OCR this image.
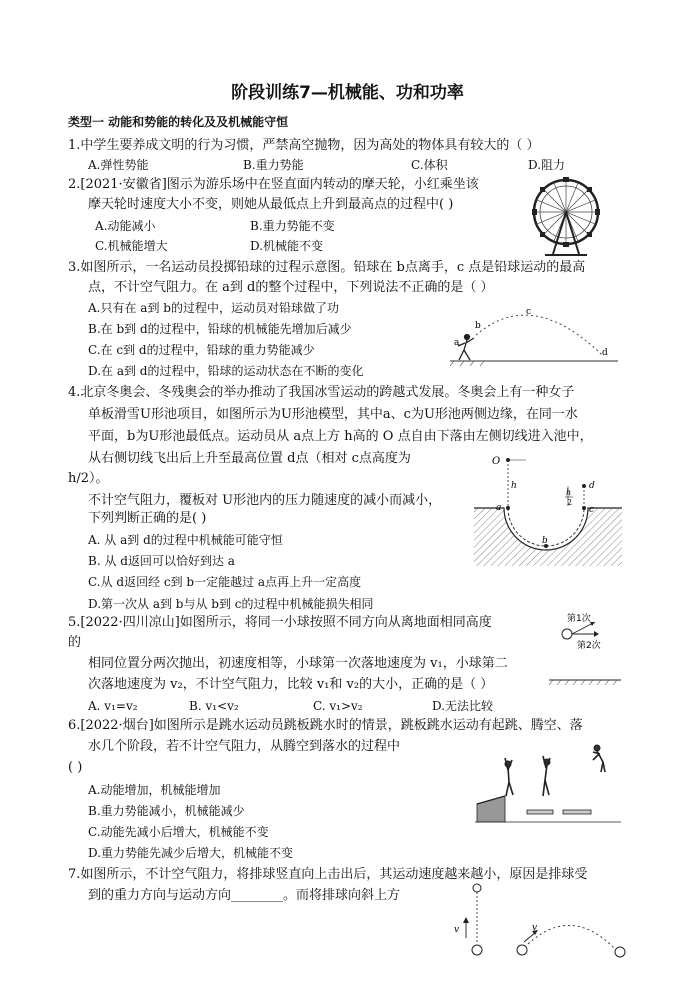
阶段训练7—机械能、功和功率
类型一 动能和势能的转化及及机械能守恒
1.中学生要养成文明的行为习惯，严禁高空抛物，因为高处的物体具有较大的（ ）
A.弹性势能	B.重力势能	C.体积	D.阻力
2.[2021·安徽省]图示为游乐场中在竖直面内转动的摩天轮，小红乘坐该
摩天轮时速度大小不变，则她从最低点上升到最高点的过程中( )
A.动能减小	B.重力势能不变
C.机械能增大	D.机械能不变
3.如图所示，一名运动员投掷铅球的过程示意图。铅球在 b点离手，c 点是铅球运动的最高
点，不计空气阻力。在 a到 d的整个过程中，下列说法不正确的是（ ）
A.只有在 a到 b的过程中，运动员对铅球做了功
B.在 b到 d的过程中，铅球的机械能先增加后减少
C.在 c到 d的过程中，铅球的重力势能减少
D.在 a到 d的过程中，铅球的运动状态在不断的变化
a
b
c
d
4.北京冬奥会、冬残奥会的举办推动了我国冰雪运动的跨越式发展。冬奥会上有一种女子
单板滑雪U形池项目，如图所示为U形池模型，其中a、c为U形池两侧边缘，在同一水
平面，b为U形池最低点。运动员从 a点上方 h高的 O 点自由下落由左侧切线进入池中，
从右侧切线飞出后上升至最高位置 d点（相对 c点高度为
h/2）。
不计空气阻力，覆板对 U形池内的压力随速度的减小而减小，
下列判断正确的是( )
A. 从 a到 d的过程中机械能可能守恒
B. 从 d返回可以恰好到达 a
C.从 d返回经 c到 b一定能越过 a点再上升一定高度
D.第一次从 a到 b与从 b到 c的过程中机械能损失相同
O
h
h
2
a	c
d
b
5.[2022·四川凉山]如图所示，将同一小球按照不同方向从离地面相同高度
的
相同位置分两次抛出，初速度相等，小球第一次落地速度为 v₁，小球第二
次落地速度为 v₂，不计空气阻力，比较 v₁和 v₂的大小，正确的是（ ）
A. v₁=v₂	B. v₁<v₂	C. v₁>v₂	D.无法比较
第1次
第2次
6.[2022·烟台]如图所示是跳水运动员跳板跳水时的情景，跳板跳水运动有起跳、腾空、落
水几个阶段，若不计空气阻力，从腾空到落水的过程中
( )
A.动能增加，机械能增加
B.重力势能减小，机械能减少
C.动能先减小后增大，机械能不变
D.重力势能先减少后增大，机械能不变
7.如图所示，不计空气阻力，将排球竖直向上击出后，其运动速度越来越小，原因是排球受
到的重力方向与运动方向________。而将排球向斜上方
v	v
